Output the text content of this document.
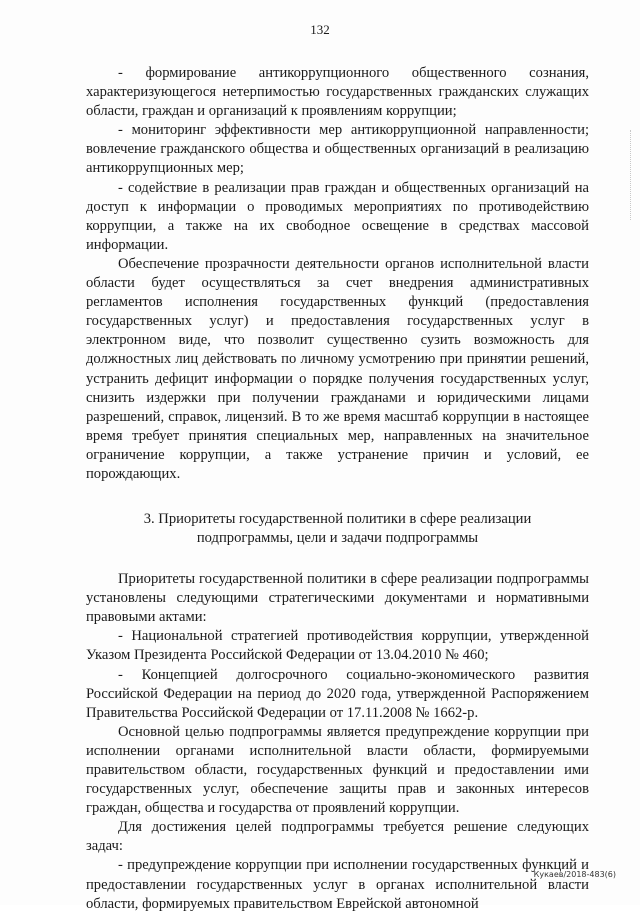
132

- формирование антикоррупционного общественного сознания, характеризующегося нетерпимостью государственных гражданских служащих области, граждан и организаций к проявлениям коррупции;

- мониторинг эффективности мер антикоррупционной направленности; вовлечение гражданского общества и общественных организаций в реализацию антикоррупционных мер;

- содействие в реализации прав граждан и общественных организаций на доступ к информации о проводимых мероприятиях по противодействию коррупции, а также на их свободное освещение в средствах массовой информации.

Обеспечение прозрачности деятельности органов исполнительной власти области будет осуществляться за счет внедрения административных регламентов исполнения государственных функций (предоставления государственных услуг) и предоставления государственных услуг в электронном виде, что позволит существенно сузить возможность для должностных лиц действовать по личному усмотрению при принятии решений, устранить дефицит информации о порядке получения государственных услуг, снизить издержки при получении гражданами и юридическими лицами разрешений, справок, лицензий. В то же время масштаб коррупции в настоящее время требует принятия специальных мер, направленных на значительное ограничение коррупции, а также устранение причин и условий, ее порождающих.

3. Приоритеты государственной политики в сфере реализации
подпрограммы, цели и задачи подпрограммы

Приоритеты государственной политики в сфере реализации подпрограммы установлены следующими стратегическими документами и нормативными правовыми актами:

- Национальной стратегией противодействия коррупции, утвержденной Указом Президента Российской Федерации от 13.04.2010 № 460;

- Концепцией долгосрочного социально-экономического развития Российской Федерации на период до 2020 года, утвержденной Распоряжением Правительства Российской Федерации от 17.11.2008 № 1662-р.

Основной целью подпрограммы является предупреждение коррупции при исполнении органами исполнительной власти области, формируемыми правительством области, государственных функций и предоставлении ими государственных услуг, обеспечение защиты прав и законных интересов граждан, общества и государства от проявлений коррупции.

Для достижения целей подпрограммы требуется решение следующих задач:

- предупреждение коррупции при исполнении государственных функций и предоставлении государственных услуг в органах исполнительной власти области, формируемых правительством Еврейской автономной

Кукаев/2018-483(6)
